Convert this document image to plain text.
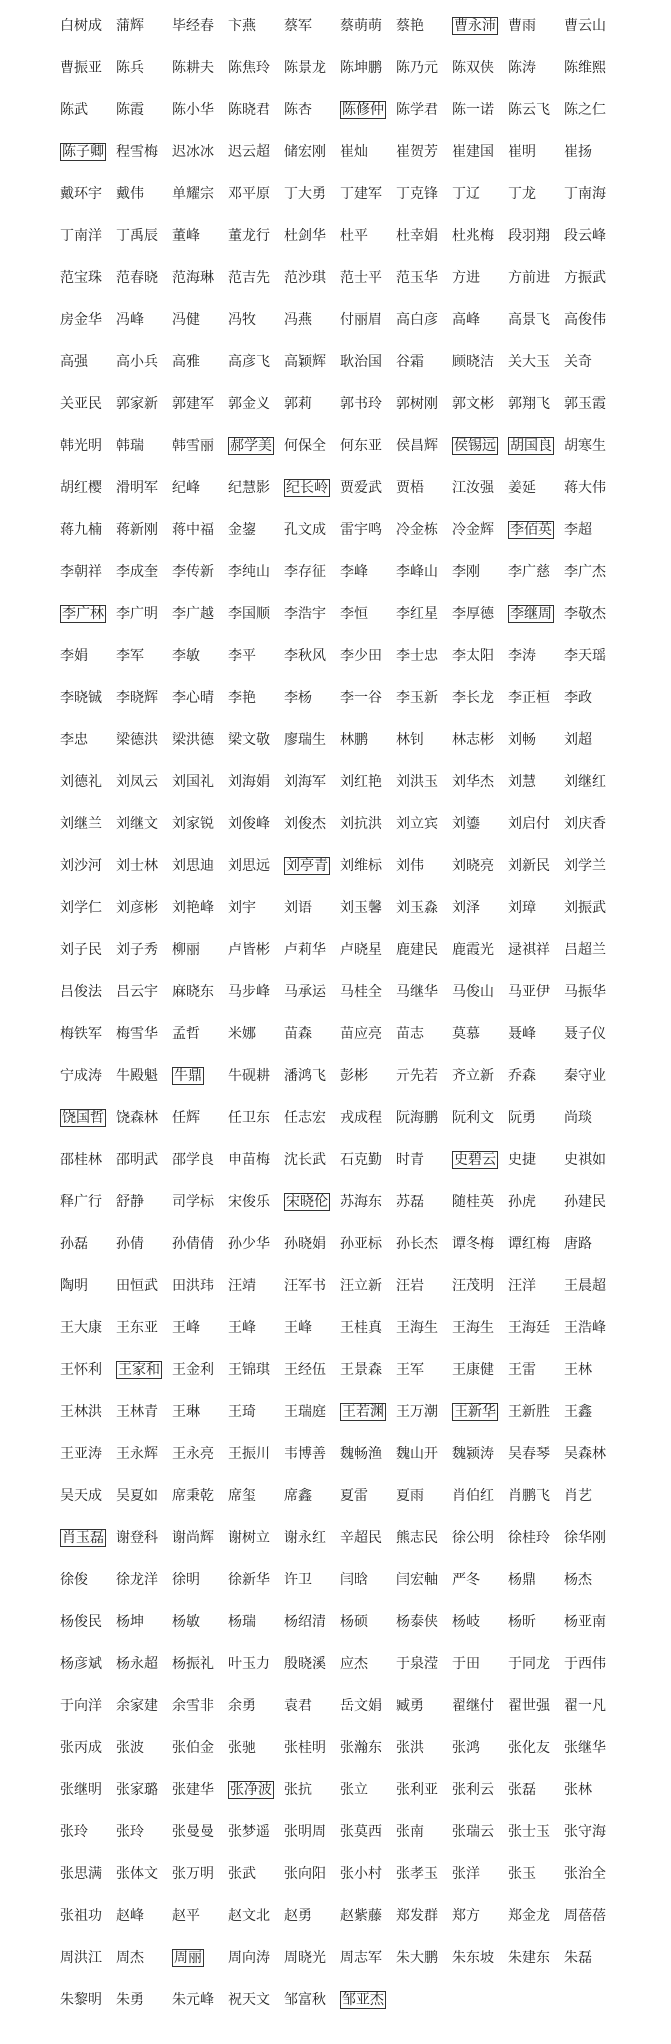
白树成	蒲辉	毕经春	卞燕	蔡军	蔡萌萌	蔡艳	曹永沛 曹雨	曹云山
曹振亚	陈兵	陈耕夫	陈焦玲	陈景龙	陈坤鹏	陈乃元	陈双侠	陈涛	陈维熙
陈武	陈霞	陈小华	陈晓君	陈杏	陈修仲 陈学君	陈一诺	陈云飞	陈之仁
陈子卿 程雪梅	迟冰冰	迟云超	储宏刚	崔灿	崔贺芳	崔建国	崔明	崔扬
戴环宇	戴伟	单耀宗	邓平原	丁大勇	丁建军	丁克锋	丁辽	丁龙	丁南海
丁南洋	丁禹辰	董峰	董龙行	杜剑华	杜平	杜幸娟	杜兆梅	段羽翔	段云峰
范宝珠	范春晓	范海琳	范吉先	范沙琪	范士平	范玉华	方进	方前进	方振武
房金华	冯峰	冯健	冯牧	冯燕	付丽眉	高白彦	高峰	高景飞	高俊伟
高强	高小兵	高雅	高彦飞	高颖辉	耿治国	谷霜	顾晓洁	关大玉	关奇
关亚民	郭家新	郭建军	郭金义	郭莉	郭书玲	郭树刚	郭文彬	郭翔飞	郭玉霞
韩光明	韩瑞	韩雪丽	郝学美 何保全	何东亚	侯昌辉	侯锡远	胡国良 胡寒生
胡红樱	滑明军	纪峰	纪慧影	纪长岭 贾爱武	贾梧	江汝强	姜延	蒋大伟
蒋九楠	蒋新刚	蒋中福	金鋆	孔文成	雷宇鸣	冷金栋	冷金辉	李佰英 李超
李朝祥	李成奎	李传新	李纯山	李存征	李峰	李峰山	李刚	李广慈	李广杰
李广林 李广明	李广越	李国顺	李浩宇	李恒	李红星	李厚德	李继周 李敬杰
李娟	李军	李敏	李平	李秋风	李少田	李士忠	李太阳	李涛	李天瑶
李晓铖	李晓辉	李心晴	李艳	李杨	李一谷	李玉新	李长龙	李正桓	李政
李忠	梁德洪	梁洪德	梁文敬	廖瑞生	林鹏	林钊	林志彬	刘畅	刘超
刘德礼	刘凤云	刘国礼	刘海娟	刘海军	刘红艳	刘洪玉	刘华杰	刘慧	刘继红
刘继兰	刘继文	刘家锐	刘俊峰	刘俊杰	刘抗洪	刘立宾	刘鎏	刘启付	刘庆香
刘沙河	刘士林	刘思迪	刘思远	刘亭青 刘维标	刘伟	刘晓亮	刘新民	刘学兰
刘学仁	刘彦彬	刘艳峰	刘宇	刘语	刘玉馨	刘玉淼	刘泽	刘璋	刘振武
刘子民	刘子秀	柳丽	卢皆彬	卢莉华	卢晓星	鹿建民	鹿霞光	逯祺祥	吕超兰
吕俊法	吕云宇	麻晓东	马步峰	马承运	马桂全	马继华	马俊山	马亚伊	马振华
梅铁军	梅雪华	孟哲	米娜	苗森	苗应亮	苗志	莫慕	聂峰	聂子仪
宁成涛	牛殿魁	牛鼎	牛砚耕	潘鸿飞	彭彬	亓先若	齐立新	乔森	秦守业
饶国哲 饶森林	任辉	任卫东	任志宏	戎成程	阮海鹏	阮利文	阮勇	尚琰
邵桂林	邵明武	邵学良	申苗梅	沈长武	石克勤	时青	史碧云 史捷	史祺如
释广行	舒静	司学标	宋俊乐	宋晓伦 苏海东	苏磊	随桂英	孙虎	孙建民
孙磊	孙倩	孙倩倩	孙少华	孙晓娟	孙亚标	孙长杰	谭冬梅	谭红梅	唐路
陶明	田恒武	田洪玮	汪靖	汪军书	汪立新	汪岩	汪茂明	汪洋	王晨超
王大康	王东亚	王峰	王峰	王峰	王桂真	王海生	王海生	王海廷	王浩峰
王怀利	王家和 王金利	王锦琪	王经伍	王景森	王军	王康健	王雷	王林
王林洪	王林青	王琳	王琦	王瑞庭	王若渊 王万潮	王新华 王新胜	王鑫
王亚涛	王永辉	王永亮	王振川	韦博善	魏畅渔	魏山开	魏颍涛	吴春琴	吴森林
吴天成	吴夏如	席秉乾	席玺	席鑫	夏雷	夏雨	肖伯红	肖鹏飞	肖艺
肖玉磊 谢登科	谢尚辉	谢树立	谢永红	辛超民	熊志民	徐公明	徐桂玲	徐华刚
徐俊	徐龙洋	徐明	徐新华	许卫	闫晗	闫宏軸	严冬	杨鼎	杨杰
杨俊民	杨坤	杨敏	杨瑞	杨绍清	杨硕	杨泰侠	杨岐	杨昕	杨亚南
杨彦斌	杨永超	杨振礼	叶玉力	殷晓溪	应杰	于泉滢	于田	于同龙	于西伟
于向洋	余家建	余雪非	余勇	袁君	岳文娟	臧勇	翟继付	翟世强	翟一凡
张丙成	张波	张伯金	张驰	张桂明	张瀚东	张洪	张鸿	张化友	张继华
张继明	张家璐	张建华	张净波 张抗	张立	张利亚	张利云	张磊	张林
张玲	张玲	张曼曼	张梦遥	张明周	张莫西	张南	张瑞云	张士玉	张守海
张思满	张体文	张万明	张武	张向阳	张小村	张孝玉	张洋	张玉	张治全
张祖功	赵峰	赵平	赵文北	赵勇	赵紫藤	郑发群	郑方	郑金龙	周蓓蓓
周洪江	周杰	周丽	周向涛	周晓光	周志军	朱大鹏	朱东坡	朱建东	朱磊
朱黎明	朱勇	朱元峰	祝天文	邹富秋	邹亚杰
